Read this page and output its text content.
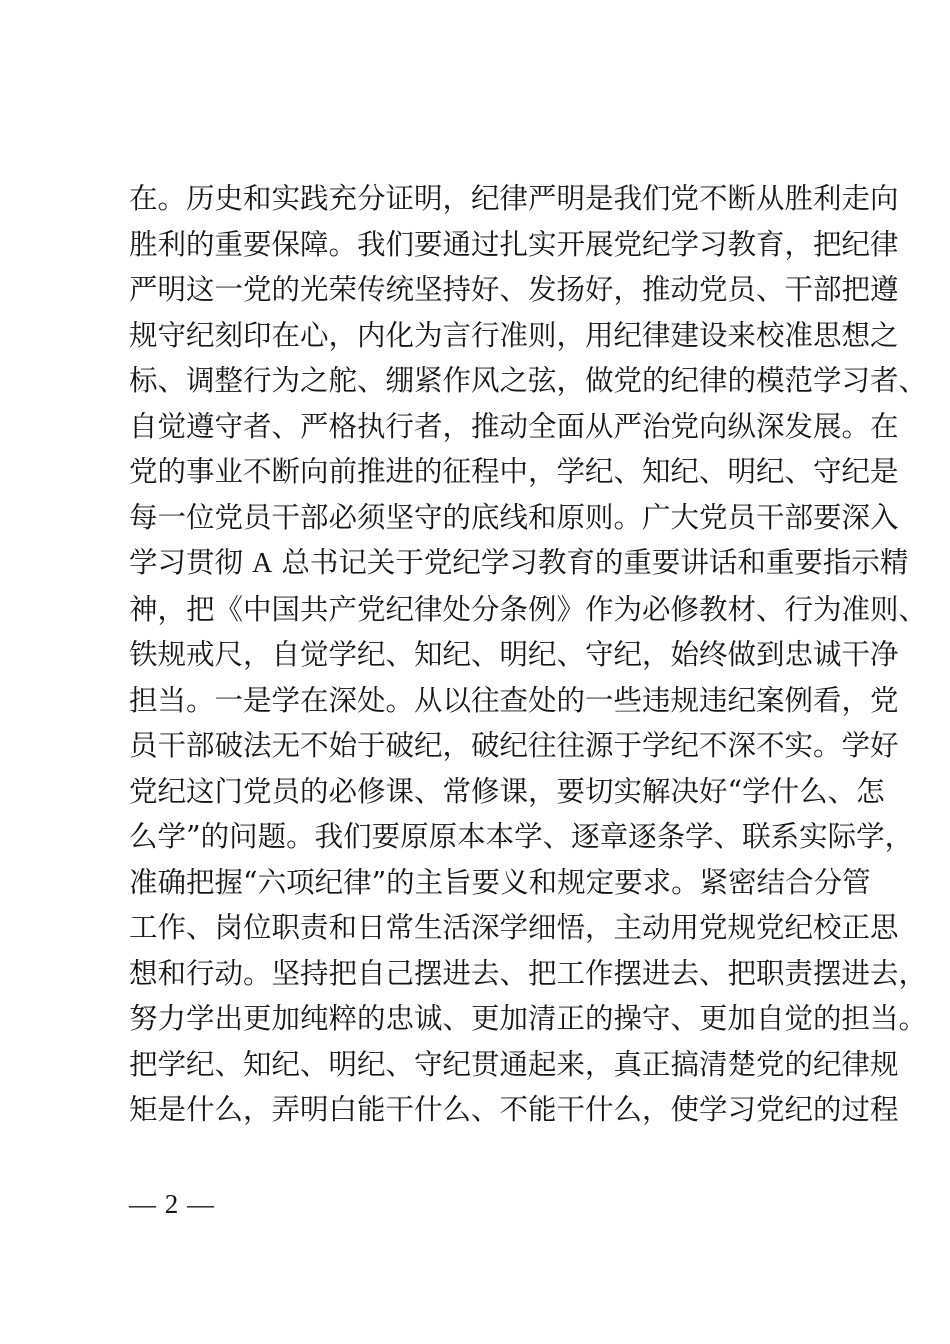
在。历史和实践充分证明，纪律严明是我们党不断从胜利走向
胜利的重要保障。我们要通过扎实开展党纪学习教育，把纪律
严明这一党的光荣传统坚持好、发扬好，推动党员、干部把遵
规守纪刻印在心，内化为言行准则，用纪律建设来校准思想之
标、调整行为之舵、绷紧作风之弦，做党的纪律的模范学习者、
自觉遵守者、严格执行者，推动全面从严治党向纵深发展。在
党的事业不断向前推进的征程中，学纪、知纪、明纪、守纪是
每一位党员干部必须坚守的底线和原则。广大党员干部要深入
学习贯彻 A 总书记关于党纪学习教育的重要讲话和重要指示精
神，把《中国共产党纪律处分条例》作为必修教材、行为准则、
铁规戒尺，自觉学纪、知纪、明纪、守纪，始终做到忠诚干净
担当。一是学在深处。从以往查处的一些违规违纪案例看，党
员干部破法无不始于破纪，破纪往往源于学纪不深不实。学好
党纪这门党员的必修课、常修课，要切实解决好“学什么、怎
么学”的问题。我们要原原本本学、逐章逐条学、联系实际学，
准确把握“六项纪律”的主旨要义和规定要求。紧密结合分管
工作、岗位职责和日常生活深学细悟，主动用党规党纪校正思
想和行动。坚持把自己摆进去、把工作摆进去、把职责摆进去，
努力学出更加纯粹的忠诚、更加清正的操守、更加自觉的担当。
把学纪、知纪、明纪、守纪贯通起来，真正搞清楚党的纪律规
矩是什么，弄明白能干什么、不能干什么，使学习党纪的过程
— 2 —
